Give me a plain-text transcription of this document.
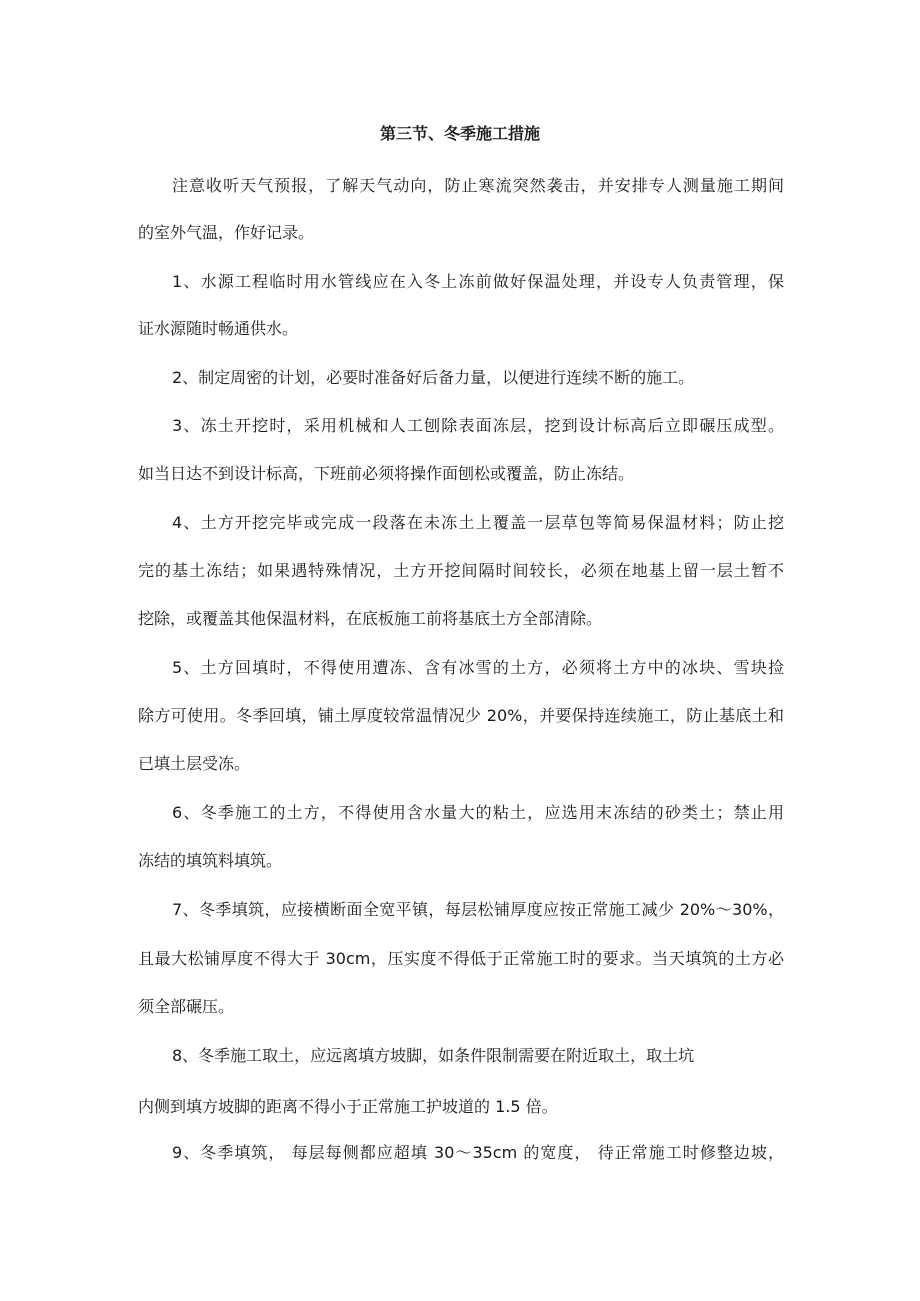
第三节、冬季施工措施
注意收听天气预报，了解天气动向，防止寒流突然袭击，并安排专人测量施工期间
的室外气温，作好记录。
1、水源工程临时用水管线应在入冬上冻前做好保温处理，并设专人负责管理，保
证水源随时畅通供水。
2、制定周密的计划，必要时准备好后备力量，以便进行连续不断的施工。
3、冻土开挖时，采用机械和人工刨除表面冻层，挖到设计标高后立即碾压成型。
如当日达不到设计标高，下班前必须将操作面刨松或覆盖，防止冻结。
4、土方开挖完毕或完成一段落在未冻土上覆盖一层草包等简易保温材料；防止挖
完的基土冻结；如果遇特殊情况，土方开挖间隔时间较长，必须在地基上留一层土暂不
挖除，或覆盖其他保温材料，在底板施工前将基底土方全部清除。
5、土方回填时，不得使用遭冻、含有冰雪的土方，必须将土方中的冰块、雪块捡
除方可使用。冬季回填，铺土厚度较常温情况少 20%，并要保持连续施工，防止基底土和
已填土层受冻。
6、冬季施工的土方，不得使用含水量大的粘土，应选用末冻结的砂类土；禁止用
冻结的填筑料填筑。
7、冬季填筑，应接横断面全宽平镇，每层松铺厚度应按正常施工减少 20%～30%，
且最大松铺厚度不得大于 30cm，压实度不得低于正常施工时的要求。当天填筑的土方必
须全部碾压。
8、冬季施工取土，应远离填方坡脚，如条件限制需要在附近取土，取土坑
内侧到填方坡脚的距离不得小于正常施工护坡道的 1.5 倍。
9、冬季填筑， 每层每侧都应超填 30～35cm 的宽度， 待正常施工时修整边坡，
